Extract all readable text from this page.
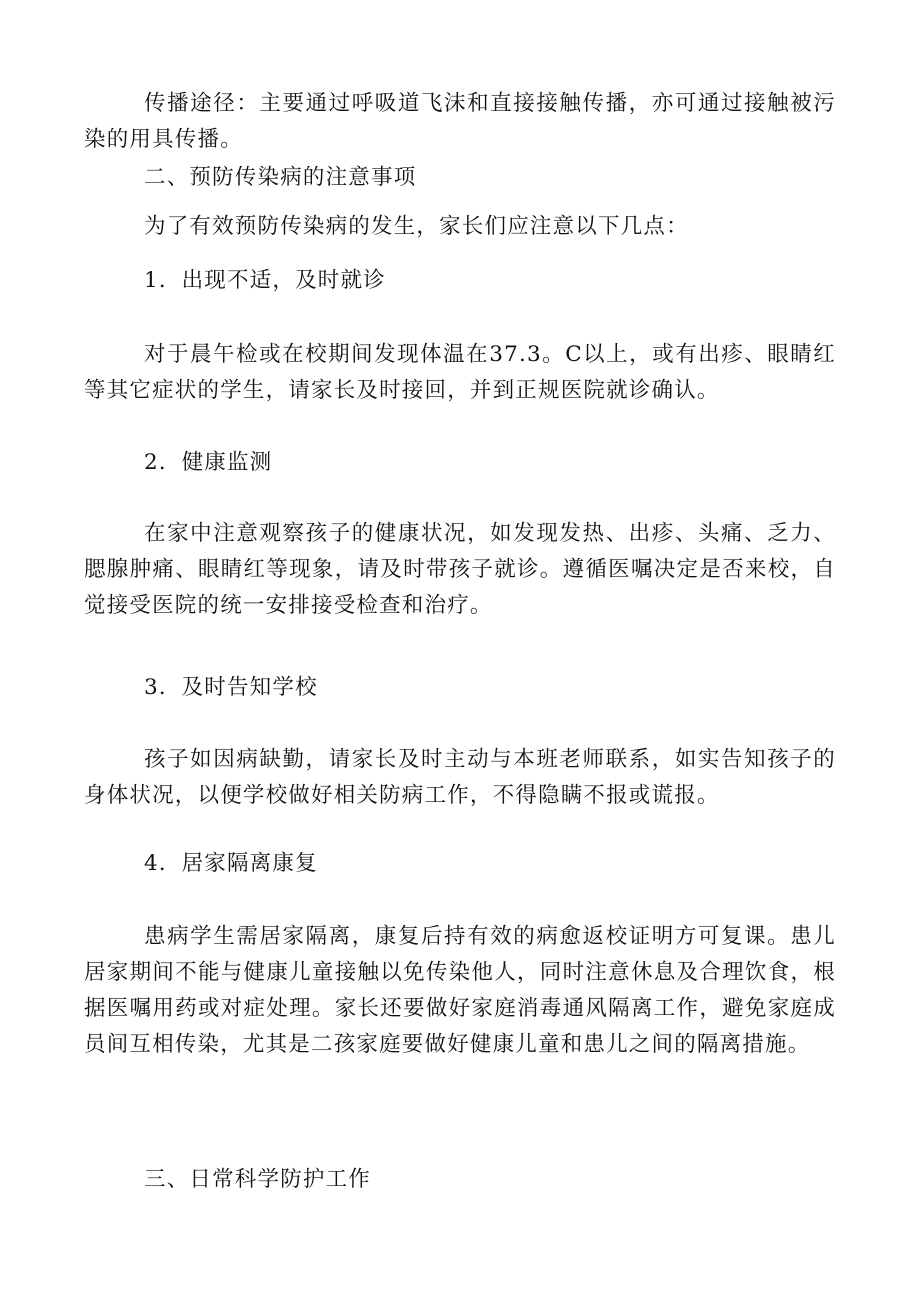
传播途径：主要通过呼吸道飞沫和直接接触传播，亦可通过接触被污染的用具传播。
二、预防传染病的注意事项
为了有效预防传染病的发生，家长们应注意以下几点：
1．出现不适，及时就诊
对于晨午检或在校期间发现体温在37.3。C以上，或有出疹、眼睛红等其它症状的学生，请家长及时接回，并到正规医院就诊确认。
2．健康监测
在家中注意观察孩子的健康状况，如发现发热、出疹、头痛、乏力、腮腺肿痛、眼睛红等现象，请及时带孩子就诊。遵循医嘱决定是否来校，自觉接受医院的统一安排接受检查和治疗。
3．及时告知学校
孩子如因病缺勤，请家长及时主动与本班老师联系，如实告知孩子的身体状况，以便学校做好相关防病工作，不得隐瞒不报或谎报。
4．居家隔离康复
患病学生需居家隔离，康复后持有效的病愈返校证明方可复课。患儿居家期间不能与健康儿童接触以免传染他人，同时注意休息及合理饮食，根据医嘱用药或对症处理。家长还要做好家庭消毒通风隔离工作，避免家庭成员间互相传染，尤其是二孩家庭要做好健康儿童和患儿之间的隔离措施。
三、日常科学防护工作
